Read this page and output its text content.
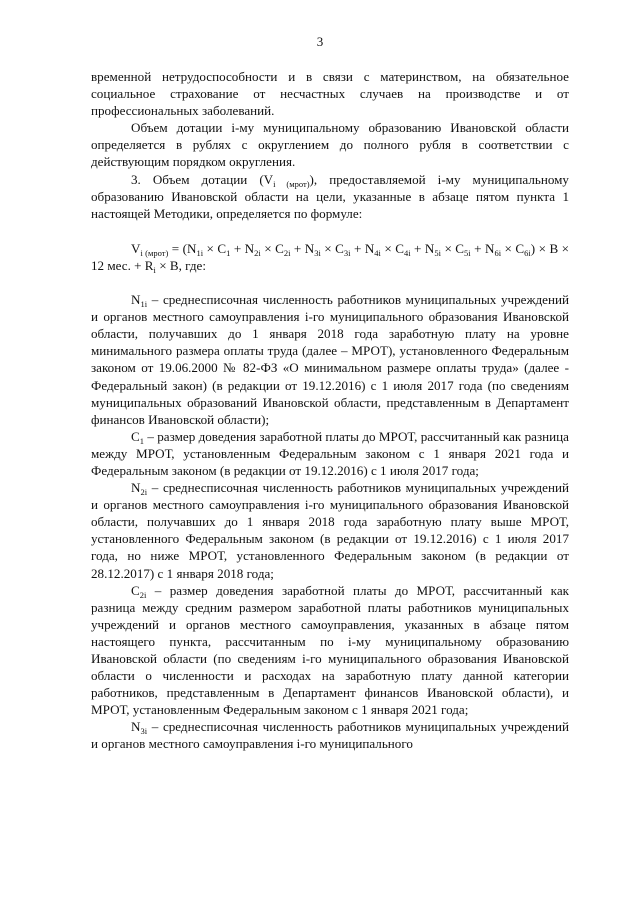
3

временной нетрудоспособности и в связи с материнством, на обязательное социальное страхование от несчастных случаев на производстве и от профессиональных заболеваний.

Объем дотации i-му муниципальному образованию Ивановской области определяется в рублях с округлением до полного рубля в соответствии с действующим порядком округления.

3. Объем дотации $(V_{i (мрот)})$, предоставляемой i-му муниципальному образованию Ивановской области на цели, указанные в абзаце пятом пункта 1 настоящей Методики, определяется по формуле:

$V_{i (мрот)} = (N_{1i} \times C_1 + N_{2i} \times C_{2i} + N_{3i} \times C_{3i} + N_{4i} \times C_{4i} + N_{5i} \times C_{5i} + N_{6i} \times C_{6i}) \times B \times 12$ мес. + $R_i \times B$, где:

$N_{1i}$ – среднесписочная численность работников муниципальных учреждений и органов местного самоуправления i-го муниципального образования Ивановской области, получавших до 1 января 2018 года заработную плату на уровне минимального размера оплаты труда (далее – МРОТ), установленного Федеральным законом от 19.06.2000 № 82-ФЗ «О минимальном размере оплаты труда» (далее - Федеральный закон) (в редакции от 19.12.2016) с 1 июля 2017 года (по сведениям муниципальных образований Ивановской области, представленным в Департамент финансов Ивановской области);

$C_1$ – размер доведения заработной платы до МРОТ, рассчитанный как разница между МРОТ, установленным Федеральным законом с 1 января 2021 года и Федеральным законом (в редакции от 19.12.2016) с 1 июля 2017 года;

$N_{2i}$ – среднесписочная численность работников муниципальных учреждений и органов местного самоуправления i-го муниципального образования Ивановской области, получавших до 1 января 2018 года заработную плату выше МРОТ, установленного Федеральным законом (в редакции от 19.12.2016) с 1 июля 2017 года, но ниже МРОТ, установленного Федеральным законом (в редакции от 28.12.2017) с 1 января 2018 года;

$C_{2i}$ – размер доведения заработной платы до МРОТ, рассчитанный как разница между средним размером заработной платы работников муниципальных учреждений и органов местного самоуправления, указанных в абзаце пятом настоящего пункта, рассчитанным по i-му муниципальному образованию Ивановской области (по сведениям i-го муниципального образования Ивановской области о численности и расходах на заработную плату данной категории работников, представленным в Департамент финансов Ивановской области), и МРОТ, установленным Федеральным законом с 1 января 2021 года;

$N_{3i}$ – среднесписочная численность работников муниципальных учреждений и органов местного самоуправления i-го муниципального
